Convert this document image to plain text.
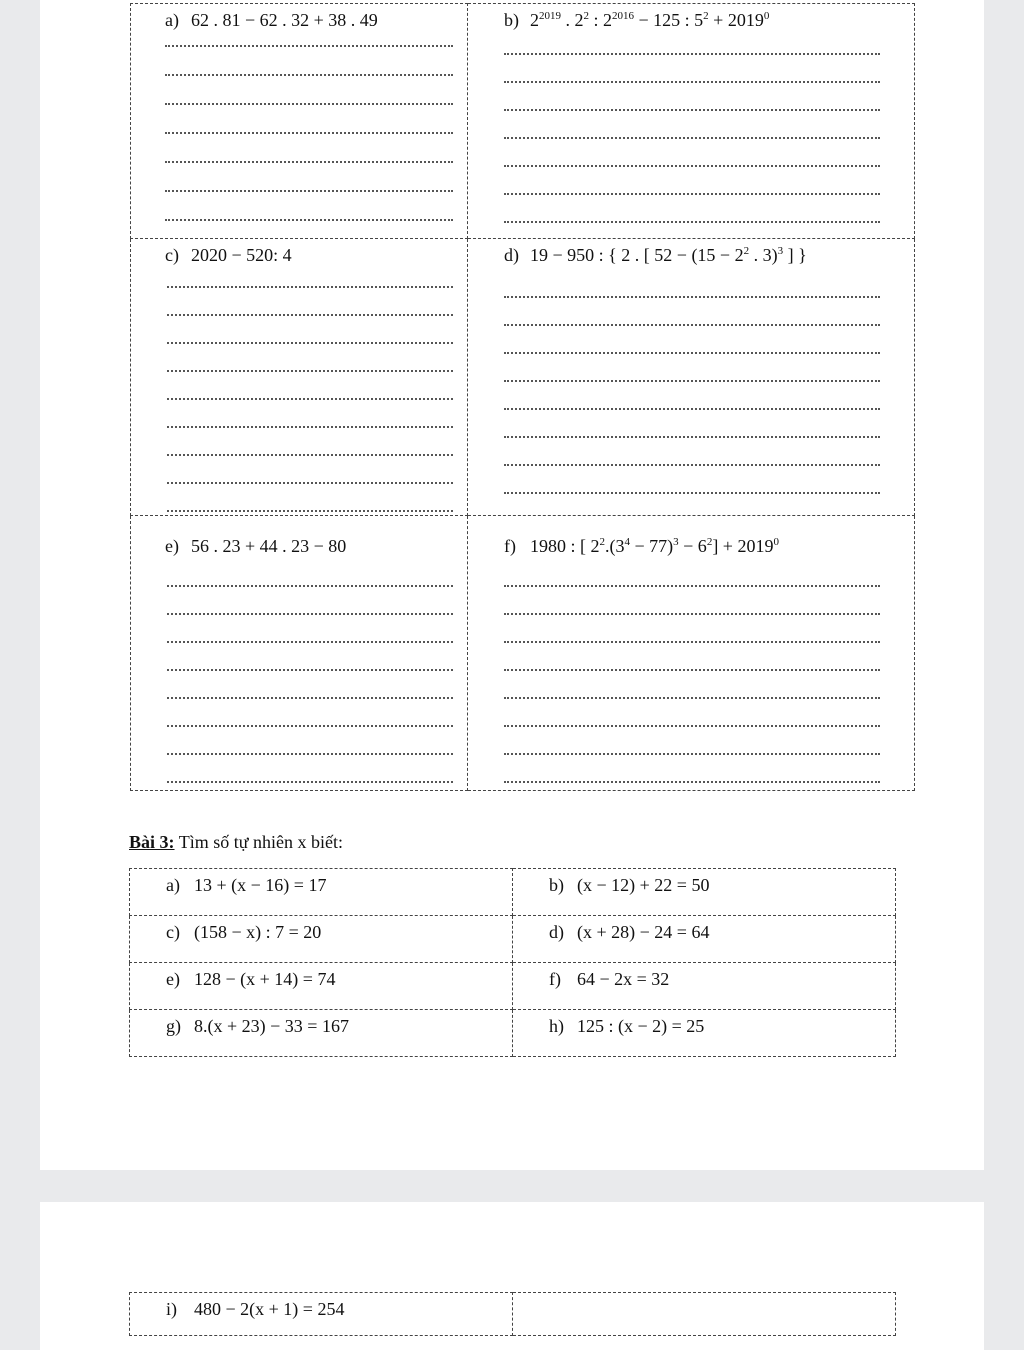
a) 62 . 81 − 62 . 32 + 38 . 49	b) $2^{2019}$ . $2^2$ : $2^{2016} - 125$ : $5^2 + 2019^0$

c) 2020 − 520: 4	d) 19 − 950 : { 2 . [ $52 - (15 - 2^2$ . 3)$^3$ ] }

e) 56 . 23 + 44 . 23 − 80	f) 1980 : [ $2^2.(3^4 - 77)^3 - 6^2] + 2019^0$
Bài 3: Tìm số tự nhiên x biết:
a) 13 + (x − 16) = 17	b) (x − 12) + 22 = 50

c) (158 − x) : 7 = 20	d) (x + 28) − 24 = 64

e) 128 − (x + 14) = 74	f) 64 − 2x = 32

g) 8.(x + 23) − 33 = 167	h) 125 : (x − 2) = 25
i) 480 − 2(x + 1) = 254
